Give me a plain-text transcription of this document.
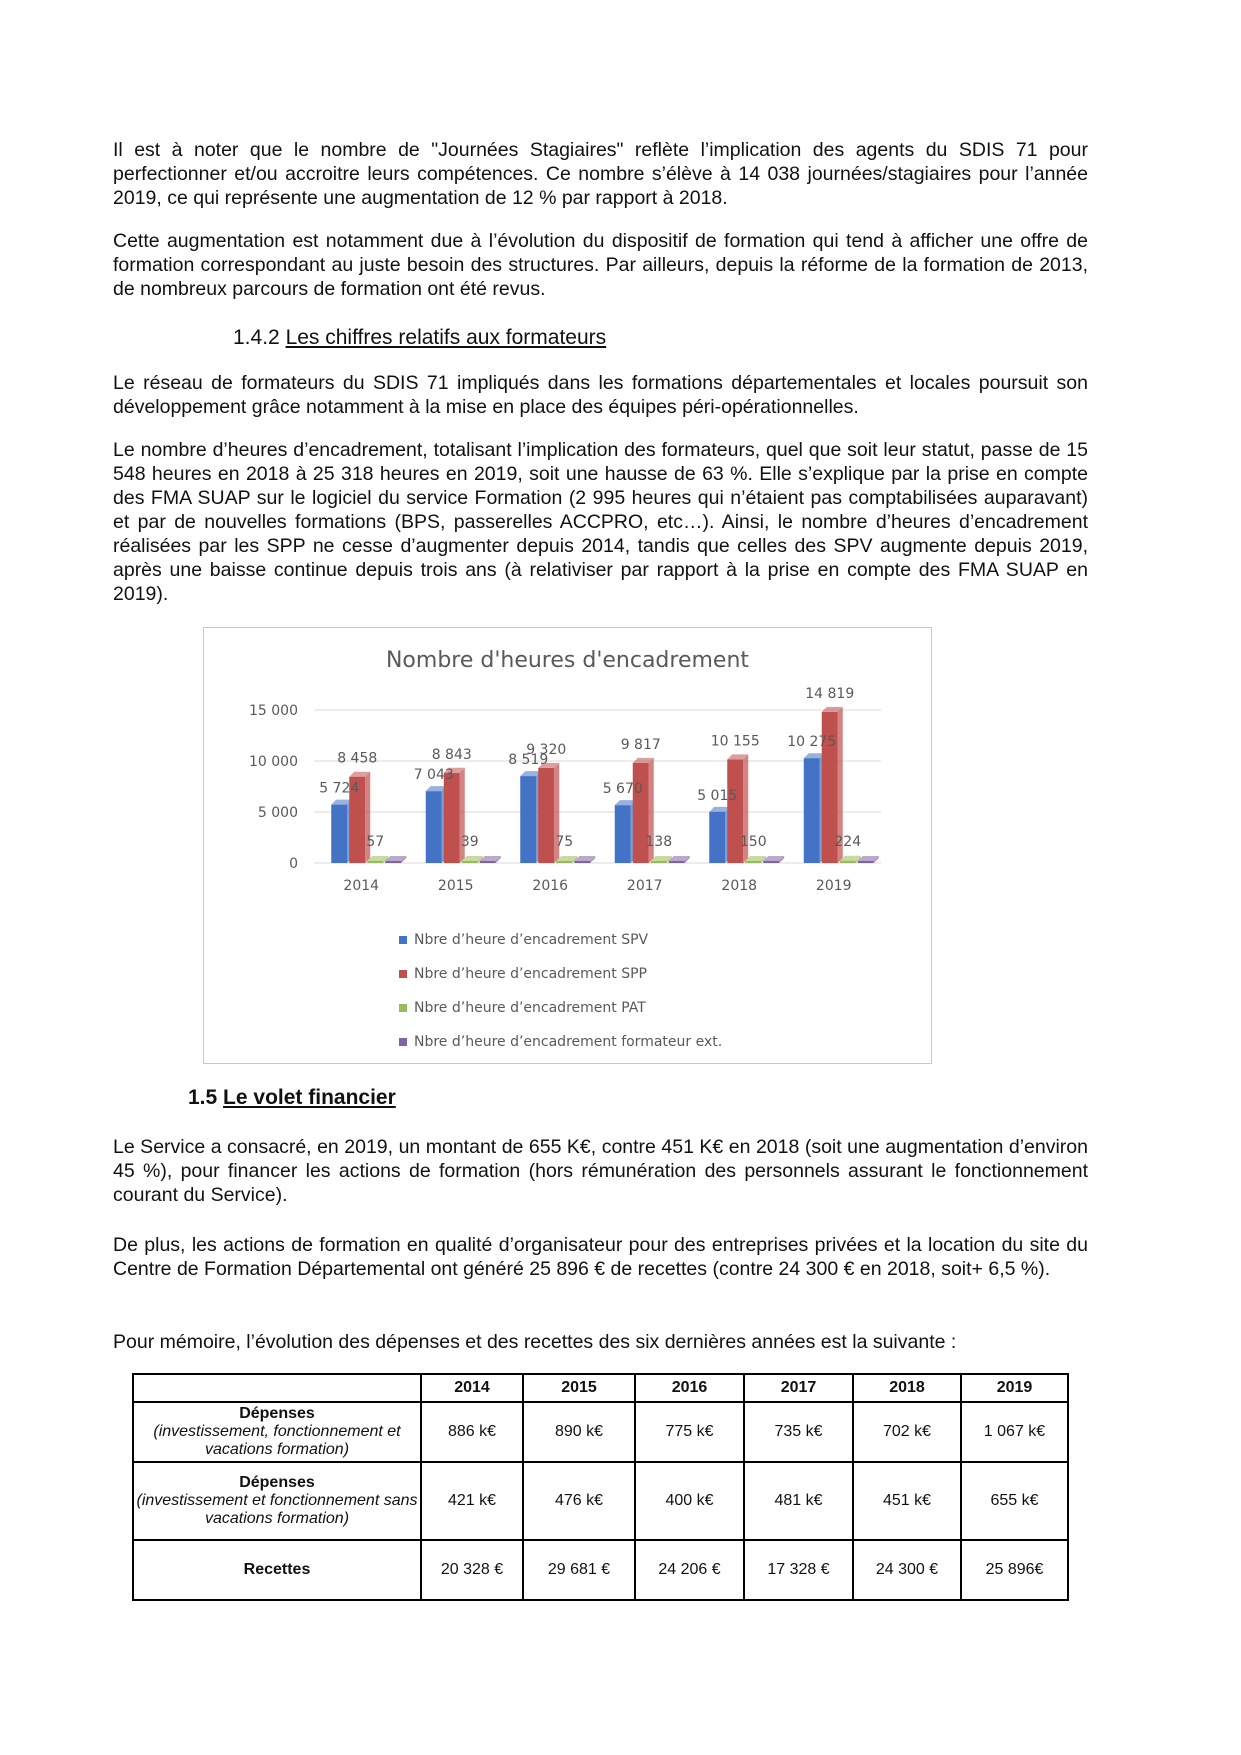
Il est à noter que le nombre de "Journées Stagiaires" reflète l’implication des agents du SDIS 71 pour perfectionner et/ou accroitre leurs compétences. Ce nombre s’élève à 14 038 journées/stagiaires pour l’année 2019, ce qui représente une augmentation de 12 % par rapport à 2018.

Cette augmentation est notamment due à l’évolution du dispositif de formation qui tend à afficher une offre de formation correspondant au juste besoin des structures. Par ailleurs, depuis la réforme de la formation de 2013, de nombreux parcours de formation ont été revus.

1.4.2 Les chiffres relatifs aux formateurs

Le réseau de formateurs du SDIS 71 impliqués dans les formations départementales et locales poursuit son développement grâce notamment à la mise en place des équipes péri-opérationnelles.

Le nombre d’heures d’encadrement, totalisant l’implication des formateurs, quel que soit leur statut, passe de 15 548 heures en 2018 à 25 318 heures en 2019, soit une hausse de 63 %. Elle s’explique par la prise en compte des FMA SUAP sur le logiciel du service Formation (2 995 heures qui n’étaient pas comptabilisées auparavant) et par de nouvelles formations (BPS, passerelles ACCPRO, etc…). Ainsi, le nombre d’heures d’encadrement réalisées par les SPP ne cesse d’augmenter depuis 2014, tandis que celles des SPV augmente depuis 2019, après une baisse continue depuis trois ans (à relativiser par rapport à la prise en compte des FMA SUAP en 2019).

1.5 Le volet financier

Le Service a consacré, en 2019, un montant de 655 K€, contre 451 K€ en 2018 (soit une augmentation d’environ 45 %), pour financer les actions de formation (hors rémunération des personnels assurant le fonctionnement courant du Service).

De plus, les actions de formation en qualité d’organisateur pour des entreprises privées et la location du site du Centre de Formation Départemental ont généré 25 896 € de recettes (contre 24 300 € en 2018, soit+ 6,5 %).

Pour mémoire, l’évolution des dépenses et des recettes des six dernières années est la suivante :

Nombre d'heures d'encadrement
0
5 000
10 000
15 000
5 724
8 458
57
2014
7 043
8 843
39
2015
8 519
9 320
75
2016
5 670
9 817
138
2017
5 015
10 155
150
2018
10 275
14 819
224
2019
Nbre d’heure d’encadrement SPV
Nbre d’heure d’encadrement SPP
Nbre d’heure d’encadrement PAT
Nbre d’heure d’encadrement formateur ext.
	2014	2015	2016	2017	2018	2019

Dépenses
(investissement, fonctionnement et vacations formation)	886 k€	890 k€	775 k€	735 k€	702 k€	1 067 k€

Dépenses
(investissement et fonctionnement sans vacations formation)	421 k€	476 k€	400 k€	481 k€	451 k€	655 k€

Recettes	20 328 €	29 681 €	24 206 €	17 328 €	24 300 €	25 896€
